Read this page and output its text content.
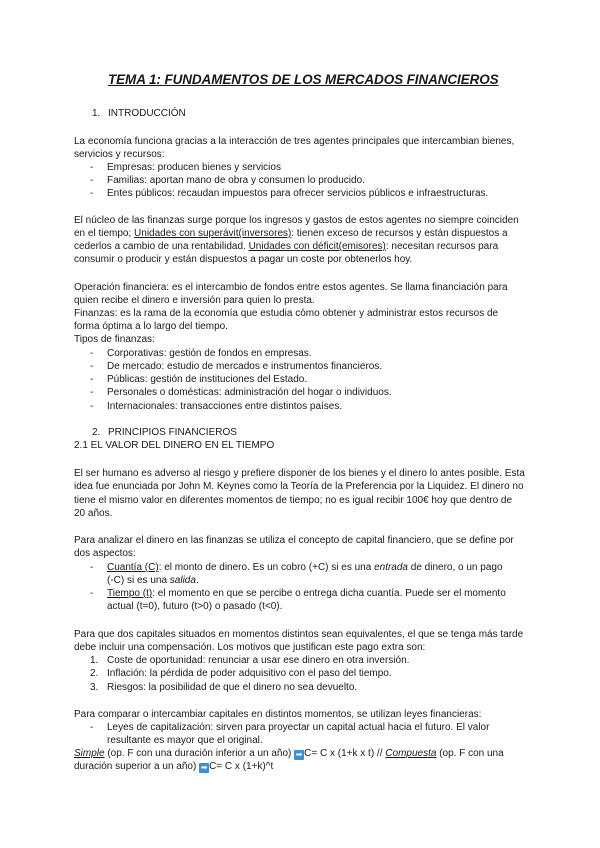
TEMA 1: FUNDAMENTOS DE LOS MERCADOS FINANCIEROS
1. INTRODUCCIÓN
La economía funciona gracias a la interacción de tres agentes principales que intercambian bienes,
servicios y recursos:
- Empresas: producen bienes y servicios
- Familias: aportan mano de obra y consumen lo producido.
- Entes públicos: recaudan impuestos para ofrecer servicios públicos e infraestructuras.
El núcleo de las finanzas surge porque los ingresos y gastos de estos agentes no siempre coinciden
en el tiempo; Unidades con superávit(inversores): tienen exceso de recursos y están dispuestos a
cederlos a cambio de una rentabilidad. Unidades con déficit(emisores): necesitan recursos para
consumir o producir y están dispuestos a pagar un coste por obtenerlos hoy.
Operación financiera: es el intercambio de fondos entre estos agentes. Se llama financiación para
quien recibe el dinero e inversión para quien lo presta.
Finanzas: es la rama de la economía que estudia cómo obtener y administrar estos recursos de
forma óptima a lo largo del tiempo.
Tipos de finanzas:
- Corporativas: gestión de fondos en empresas.
- De mercado: estudio de mercados e instrumentos financieros.
- Públicas: gestión de instituciones del Estado.
- Personales o domésticas: administración del hogar o individuos.
- Internacionales: transacciones entre distintos países.
2. PRINCIPIOS FINANCIEROS
2.1 EL VALOR DEL DINERO EN EL TIEMPO
El ser humano es adverso al riesgo y prefiere disponer de los bienes y el dinero lo antes posible. Esta
idea fue enunciada por John M. Keynes como la Teoría de la Preferencia por la Liquidez. El dinero no
tiene el mismo valor en diferentes momentos de tiempo; no es igual recibir 100€ hoy que dentro de
20 años.
Para analizar el dinero en las finanzas se utiliza el concepto de capital financiero, que se define por
dos aspectos:
- Cuantía (C): el monto de dinero. Es un cobro (+C) si es una entrada de dinero, o un pago
(-C) si es una salida.
- Tiempo (t): el momento en que se percibe o entrega dicha cuantía. Puede ser el momento
actual (t=0), futuro (t>0) o pasado (t<0).
Para que dos capitales situados en momentos distintos sean equivalentes, el que se tenga más tarde
debe incluir una compensación. Los motivos que justifican este pago extra son:
1. Coste de oportunidad: renunciar a usar ese dinero en otra inversión.
2. Inflación: la pérdida de poder adquisitivo con el paso del tiempo.
3. Riesgos: la posibilidad de que el dinero no sea devuelto.
Para comparar o intercambiar capitales en distintos momentos, se utilizan leyes financieras:
- Leyes de capitalización: sirven para proyectar un capital actual hacia el futuro. El valor
resultante es mayor que el original.
Simple (op. F con una duración inferior a un año) ➡ C= C x (1+k x t) // Compuesta (op. F con una
duración superior a un año) ➡ C= C x (1+k)^t
